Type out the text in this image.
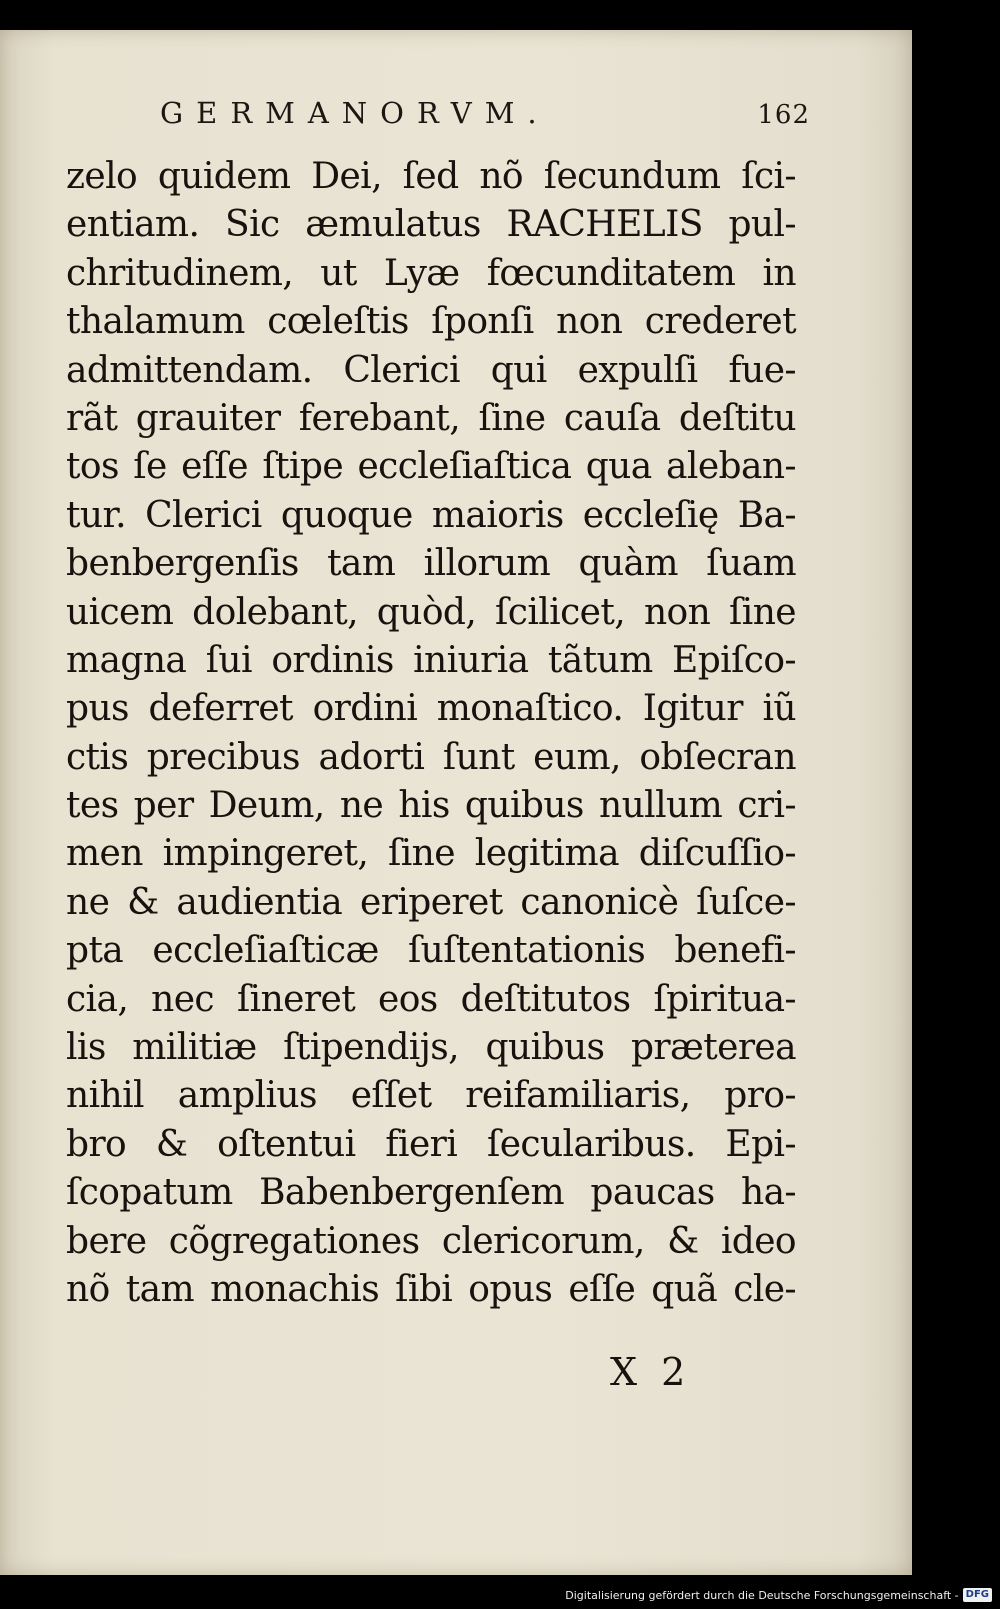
GERMANORVM.	162
zelo quidem Dei, ſed nõ ſecundum ſci-
entiam. Sic æmulatus RACHELIS pul-
chritudinem, ut Lyæ fœcunditatem in
thalamum cœleſtis ſponſi non crederet
admittendam. Clerici qui expulſi fue-
rãt grauiter ferebant, ſine cauſa deſtitu
tos ſe eſſe ſtipe eccleſiaſtica qua aleban-
tur. Clerici quoque maioris eccleſię Ba-
benbergenſis tam illorum quàm ſuam
uicem dolebant, quòd, ſcilicet, non ſine
magna ſui ordinis iniuria tãtum Epiſco-
pus deferret ordini monaſtico. Igitur iũ
ctis precibus adorti ſunt eum, obſecran
tes per Deum, ne his quibus nullum cri-
men impingeret, ſine legitima diſcuſſio-
ne & audientia eriperet canonicè ſuſce-
pta eccleſiaſticæ ſuſtentationis benefi-
cia, nec ſineret eos deſtitutos ſpiritua-
lis militiæ ſtipendijs, quibus præterea
nihil amplius eſſet reifamiliaris, pro-
bro & oſtentui fieri ſecularibus. Epi-
ſcopatum Babenbergenſem paucas ha-
bere cõgregationes clericorum, & ideo
nõ tam monachis ſibi opus eſſe quã cle-
X 2
Digitalisierung gefördert durch die Deutsche Forschungsgemeinschaft - DFG
